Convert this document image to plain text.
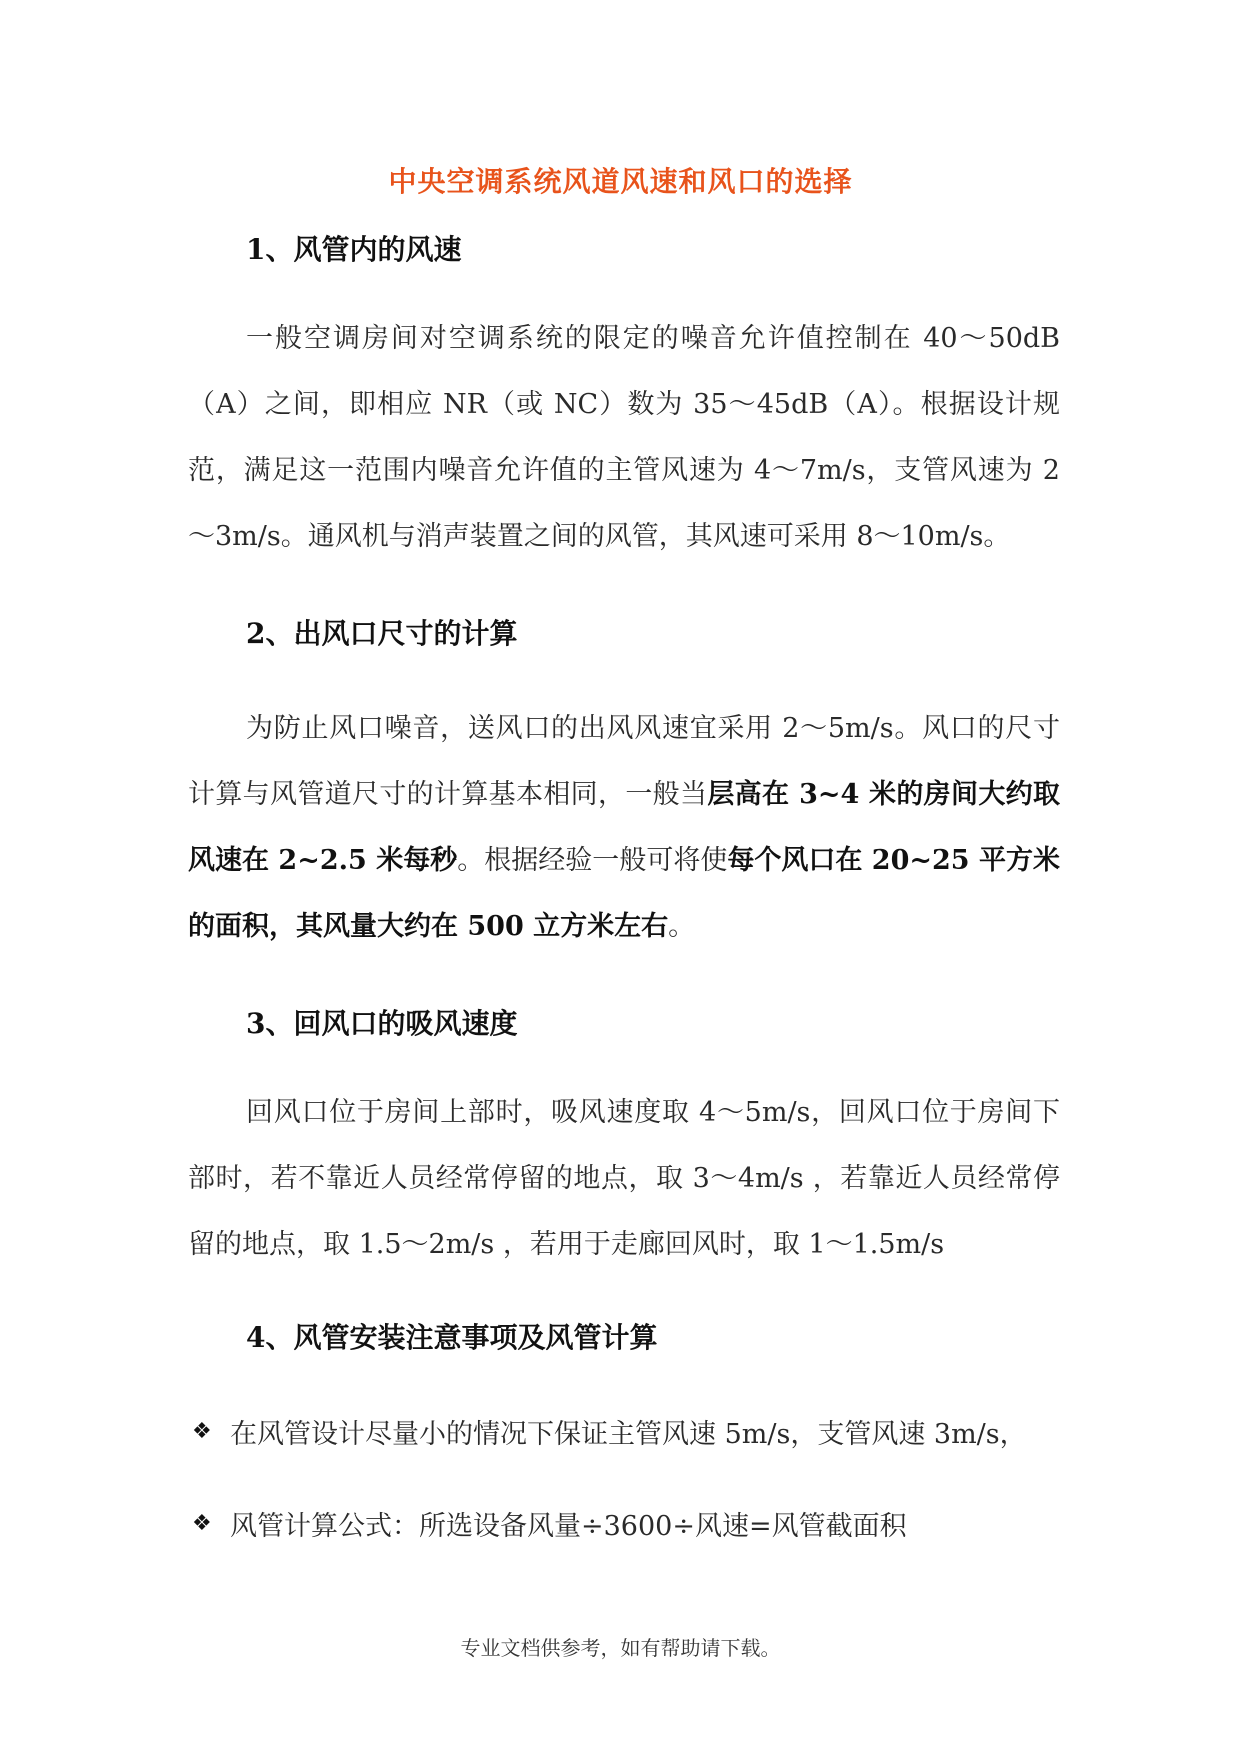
中央空调系统风道风速和风口的选择
1、风管内的风速
一般空调房间对空调系统的限定的噪音允许值控制在 40～50dB（A）之间，即相应 NR（或 NC）数为 35～45dB（A）。根据设计规范，满足这一范围内噪音允许值的主管风速为 4～7m/s，支管风速为 2～3m/s。通风机与消声装置之间的风管，其风速可采用 8～10m/s。
2、出风口尺寸的计算
为防止风口噪音，送风口的出风风速宜采用 2～5m/s。风口的尺寸计算与风管道尺寸的计算基本相同，一般当层高在 3~4 米的房间大约取风速在 2~2.5 米每秒。根据经验一般可将使每个风口在 20~25 平方米的面积，其风量大约在 500 立方米左右。
3、回风口的吸风速度
回风口位于房间上部时，吸风速度取 4～5m/s，回风口位于房间下部时，若不靠近人员经常停留的地点，取 3～4m/s ，若靠近人员经常停留的地点，取 1.5～2m/s ，若用于走廊回风时，取 1～1.5m/s
4、风管安装注意事项及风管计算
❖ 在风管设计尽量小的情况下保证主管风速 5m/s，支管风速 3m/s，
❖ 风管计算公式：所选设备风量÷3600÷风速=风管截面积
专业文档供参考，如有帮助请下载。
